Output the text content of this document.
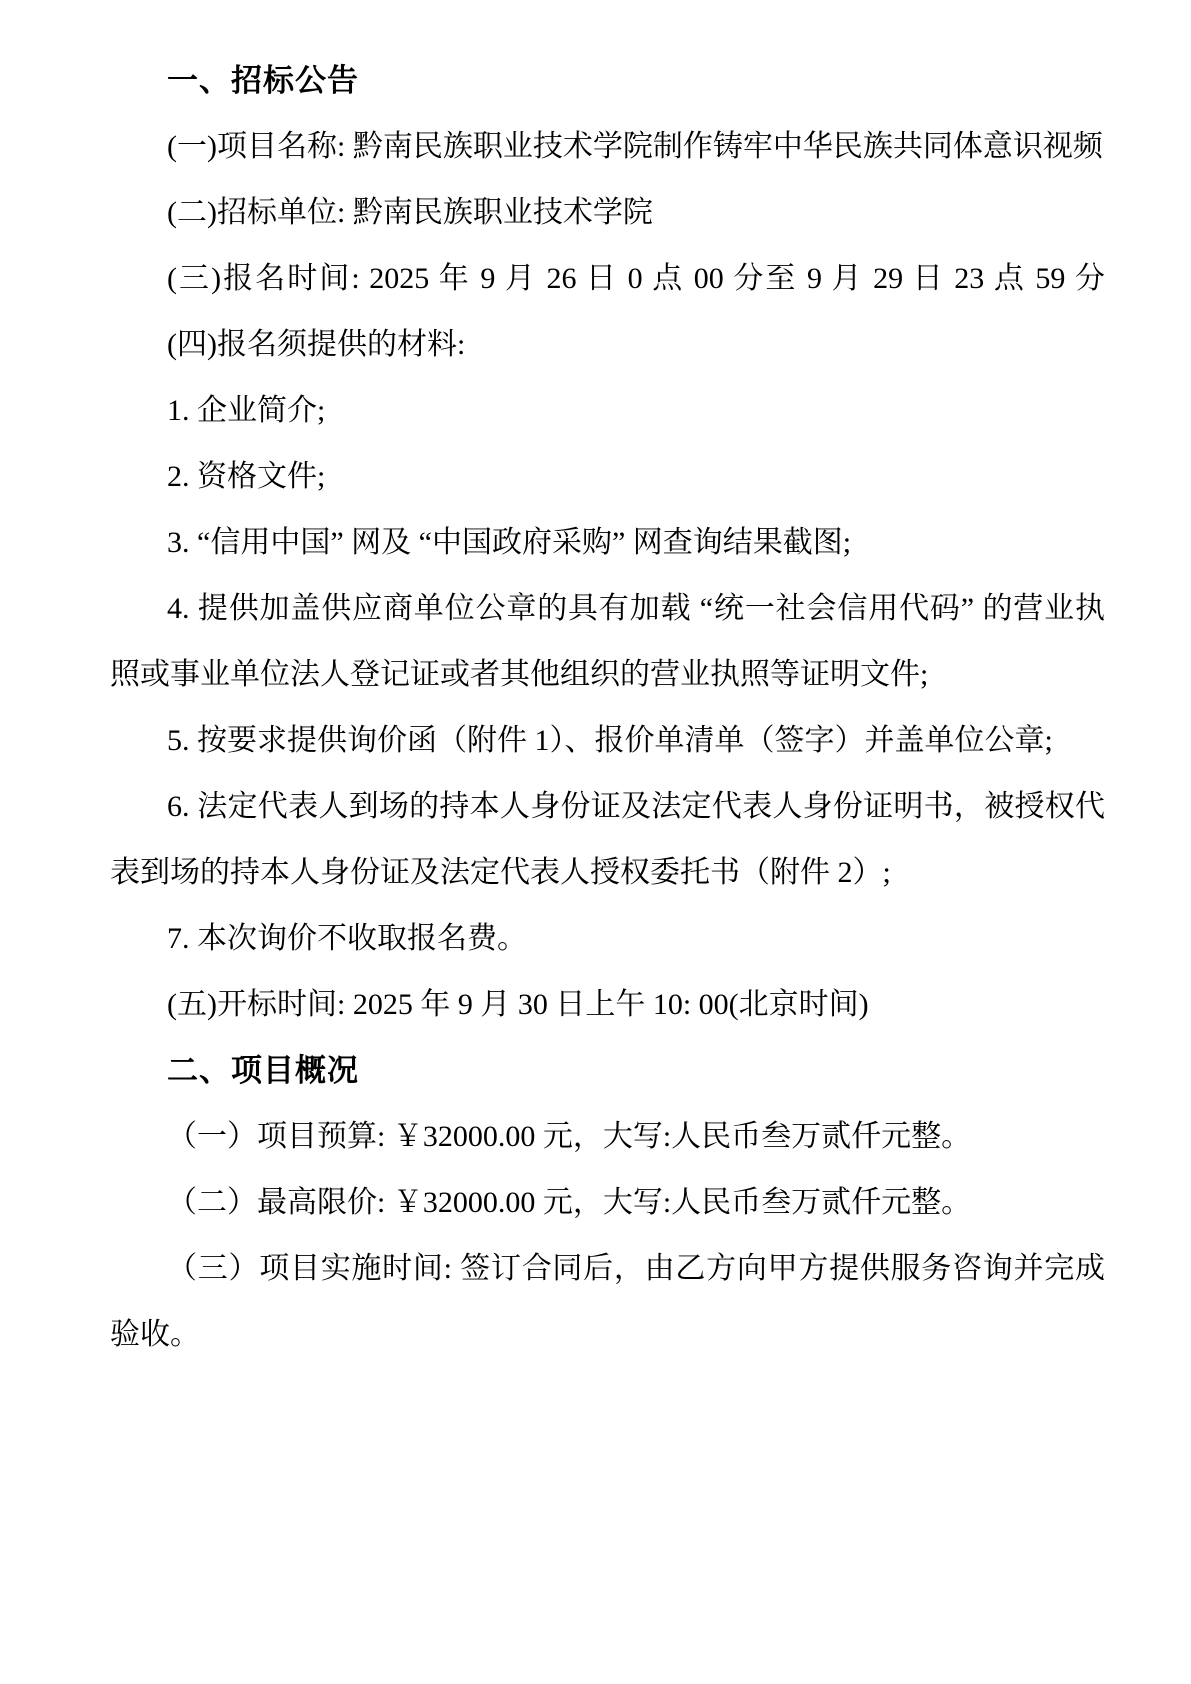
一、招标公告

(一)项目名称: 黔南民族职业技术学院制作铸牢中华民族共同体意识视频

(二)招标单位: 黔南民族职业技术学院

(三)报名时间: 2025 年 9 月 26 日 0 点 00 分至 9 月 29 日 23 点 59 分

(四)报名须提供的材料:

1. 企业简介;

2. 资格文件;

3. “信用中国” 网及 “中国政府采购” 网查询结果截图;

4. 提供加盖供应商单位公章的具有加载 “统一社会信用代码” 的营业执照或事业单位法人登记证或者其他组织的营业执照等证明文件;

5. 按要求提供询价函（附件 1）、报价单清单（签字）并盖单位公章;

6. 法定代表人到场的持本人身份证及法定代表人身份证明书，被授权代表到场的持本人身份证及法定代表人授权委托书（附件 2）;

7. 本次询价不收取报名费。

(五)开标时间: 2025 年 9 月 30 日上午 10: 00(北京时间)

二、项目概况

（一）项目预算: ￥32000.00 元，大写:人民币叁万贰仟元整。

（二）最高限价: ￥32000.00 元，大写:人民币叁万贰仟元整。

（三）项目实施时间: 签订合同后，由乙方向甲方提供服务咨询并完成验收。
